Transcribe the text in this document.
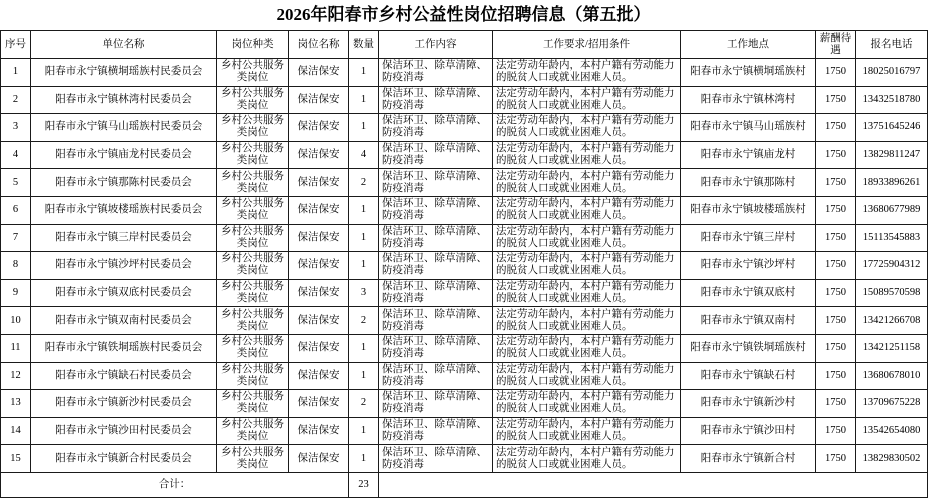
2026年阳春市乡村公益性岗位招聘信息（第五批）
序号	单位名称	岗位种类	岗位名称	数量	工作内容	工作要求/招用条件	工作地点	薪酬待遇	报名电话
1	阳春市永宁镇横垌瑶族村民委员会	乡村公共服务类岗位	保洁保安	1	保洁环卫、除草清障、防疫消毒	法定劳动年龄内，本村户籍有劳动能力的脱贫人口或就业困难人员。	阳春市永宁镇横垌瑶族村	1750	18025016797
2	阳春市永宁镇林湾村民委员会	乡村公共服务类岗位	保洁保安	1	保洁环卫、除草清障、防疫消毒	法定劳动年龄内，本村户籍有劳动能力的脱贫人口或就业困难人员。	阳春市永宁镇林湾村	1750	13432518780
3	阳春市永宁镇马山瑶族村民委员会	乡村公共服务类岗位	保洁保安	1	保洁环卫、除草清障、防疫消毒	法定劳动年龄内，本村户籍有劳动能力的脱贫人口或就业困难人员。	阳春市永宁镇马山瑶族村	1750	13751645246
4	阳春市永宁镇庙龙村民委员会	乡村公共服务类岗位	保洁保安	4	保洁环卫、除草清障、防疫消毒	法定劳动年龄内，本村户籍有劳动能力的脱贫人口或就业困难人员。	阳春市永宁镇庙龙村	1750	13829811247
5	阳春市永宁镇那陈村民委员会	乡村公共服务类岗位	保洁保安	2	保洁环卫、除草清障、防疫消毒	法定劳动年龄内，本村户籍有劳动能力的脱贫人口或就业困难人员。	阳春市永宁镇那陈村	1750	18933896261
6	阳春市永宁镇坡楼瑶族村民委员会	乡村公共服务类岗位	保洁保安	1	保洁环卫、除草清障、防疫消毒	法定劳动年龄内，本村户籍有劳动能力的脱贫人口或就业困难人员。	阳春市永宁镇坡楼瑶族村	1750	13680677989
7	阳春市永宁镇三岸村民委员会	乡村公共服务类岗位	保洁保安	1	保洁环卫、除草清障、防疫消毒	法定劳动年龄内，本村户籍有劳动能力的脱贫人口或就业困难人员。	阳春市永宁镇三岸村	1750	15113545883
8	阳春市永宁镇沙坪村民委员会	乡村公共服务类岗位	保洁保安	1	保洁环卫、除草清障、防疫消毒	法定劳动年龄内，本村户籍有劳动能力的脱贫人口或就业困难人员。	阳春市永宁镇沙坪村	1750	17725904312
9	阳春市永宁镇双底村民委员会	乡村公共服务类岗位	保洁保安	3	保洁环卫、除草清障、防疫消毒	法定劳动年龄内，本村户籍有劳动能力的脱贫人口或就业困难人员。	阳春市永宁镇双底村	1750	15089570598
10	阳春市永宁镇双南村民委员会	乡村公共服务类岗位	保洁保安	2	保洁环卫、除草清障、防疫消毒	法定劳动年龄内，本村户籍有劳动能力的脱贫人口或就业困难人员。	阳春市永宁镇双南村	1750	13421266708
11	阳春市永宁镇铁垌瑶族村民委员会	乡村公共服务类岗位	保洁保安	1	保洁环卫、除草清障、防疫消毒	法定劳动年龄内，本村户籍有劳动能力的脱贫人口或就业困难人员。	阳春市永宁镇铁垌瑶族村	1750	13421251158
12	阳春市永宁镇缺石村民委员会	乡村公共服务类岗位	保洁保安	1	保洁环卫、除草清障、防疫消毒	法定劳动年龄内，本村户籍有劳动能力的脱贫人口或就业困难人员。	阳春市永宁镇缺石村	1750	13680678010
13	阳春市永宁镇新沙村民委员会	乡村公共服务类岗位	保洁保安	2	保洁环卫、除草清障、防疫消毒	法定劳动年龄内，本村户籍有劳动能力的脱贫人口或就业困难人员。	阳春市永宁镇新沙村	1750	13709675228
14	阳春市永宁镇沙田村民委员会	乡村公共服务类岗位	保洁保安	1	保洁环卫、除草清障、防疫消毒	法定劳动年龄内，本村户籍有劳动能力的脱贫人口或就业困难人员。	阳春市永宁镇沙田村	1750	13542654080
15	阳春市永宁镇新合村民委员会	乡村公共服务类岗位	保洁保安	1	保洁环卫、除草清障、防疫消毒	法定劳动年龄内，本村户籍有劳动能力的脱贫人口或就业困难人员。	阳春市永宁镇新合村	1750	13829830502
合计：				23					
